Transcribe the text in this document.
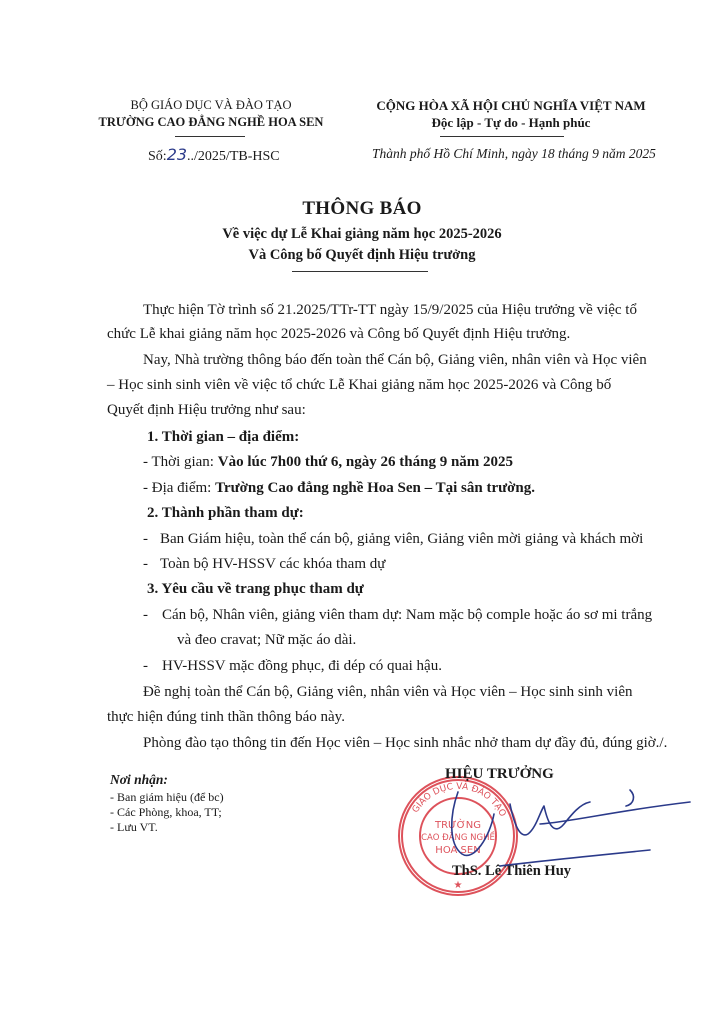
BỘ GIÁO DỤC VÀ ĐÀO TẠO
TRƯỜNG CAO ĐẲNG NGHỀ HOA SEN
CỘNG HÒA XÃ HỘI CHỦ NGHĨA VIỆT NAM
Độc lập - Tự do - Hạnh phúc
Số:23../2025/TB-HSC	Thành phố Hồ Chí Minh, ngày 18 tháng 9 năm 2025
THÔNG BÁO
Về việc dự Lễ Khai giảng năm học 2025-2026
Và Công bố Quyết định Hiệu trưởng
Thực hiện Tờ trình số 21.2025/TTr-TT ngày 15/9/2025 của Hiệu trưởng về việc tổ
chức Lễ khai giảng năm học 2025-2026 và Công bố Quyết định Hiệu trưởng.
Nay, Nhà trường thông báo đến toàn thể Cán bộ, Giảng viên, nhân viên và Học viên
– Học sinh sinh viên về việc tổ chức Lễ Khai giảng năm học 2025-2026 và Công bố
Quyết định Hiệu trưởng như sau:
1. Thời gian – địa điểm:
- Thời gian: Vào lúc 7h00 thứ 6, ngày 26 tháng 9 năm 2025
- Địa điểm: Trường Cao đẳng nghề Hoa Sen – Tại sân trường.
2. Thành phần tham dự:
- Ban Giám hiệu, toàn thể cán bộ, giảng viên, Giảng viên mời giảng và khách mời
- Toàn bộ HV-HSSV các khóa tham dự
3. Yêu cầu về trang phục tham dự
- Cán bộ, Nhân viên, giảng viên tham dự: Nam mặc bộ comple hoặc áo sơ mi trắng
và đeo cravat; Nữ mặc áo dài.
- HV-HSSV mặc đồng phục, đi dép có quai hậu.
Đề nghị toàn thể Cán bộ, Giảng viên, nhân viên và Học viên – Học sinh sinh viên
thực hiện đúng tinh thần thông báo này.
Phòng đào tạo thông tin đến Học viên – Học sinh nhắc nhở tham dự đầy đủ, đúng giờ./.
Nơi nhận:
- Ban giám hiệu (để bc)
- Các Phòng, khoa, TT;
- Lưu VT.
GIÁO DỤC VÀ ĐÀO TẠO
TRƯỜNG
CAO ĐẲNG NGHỀ
HOA SEN
★
HIỆU TRƯỞNG
ThS. Lê Thiên Huy
